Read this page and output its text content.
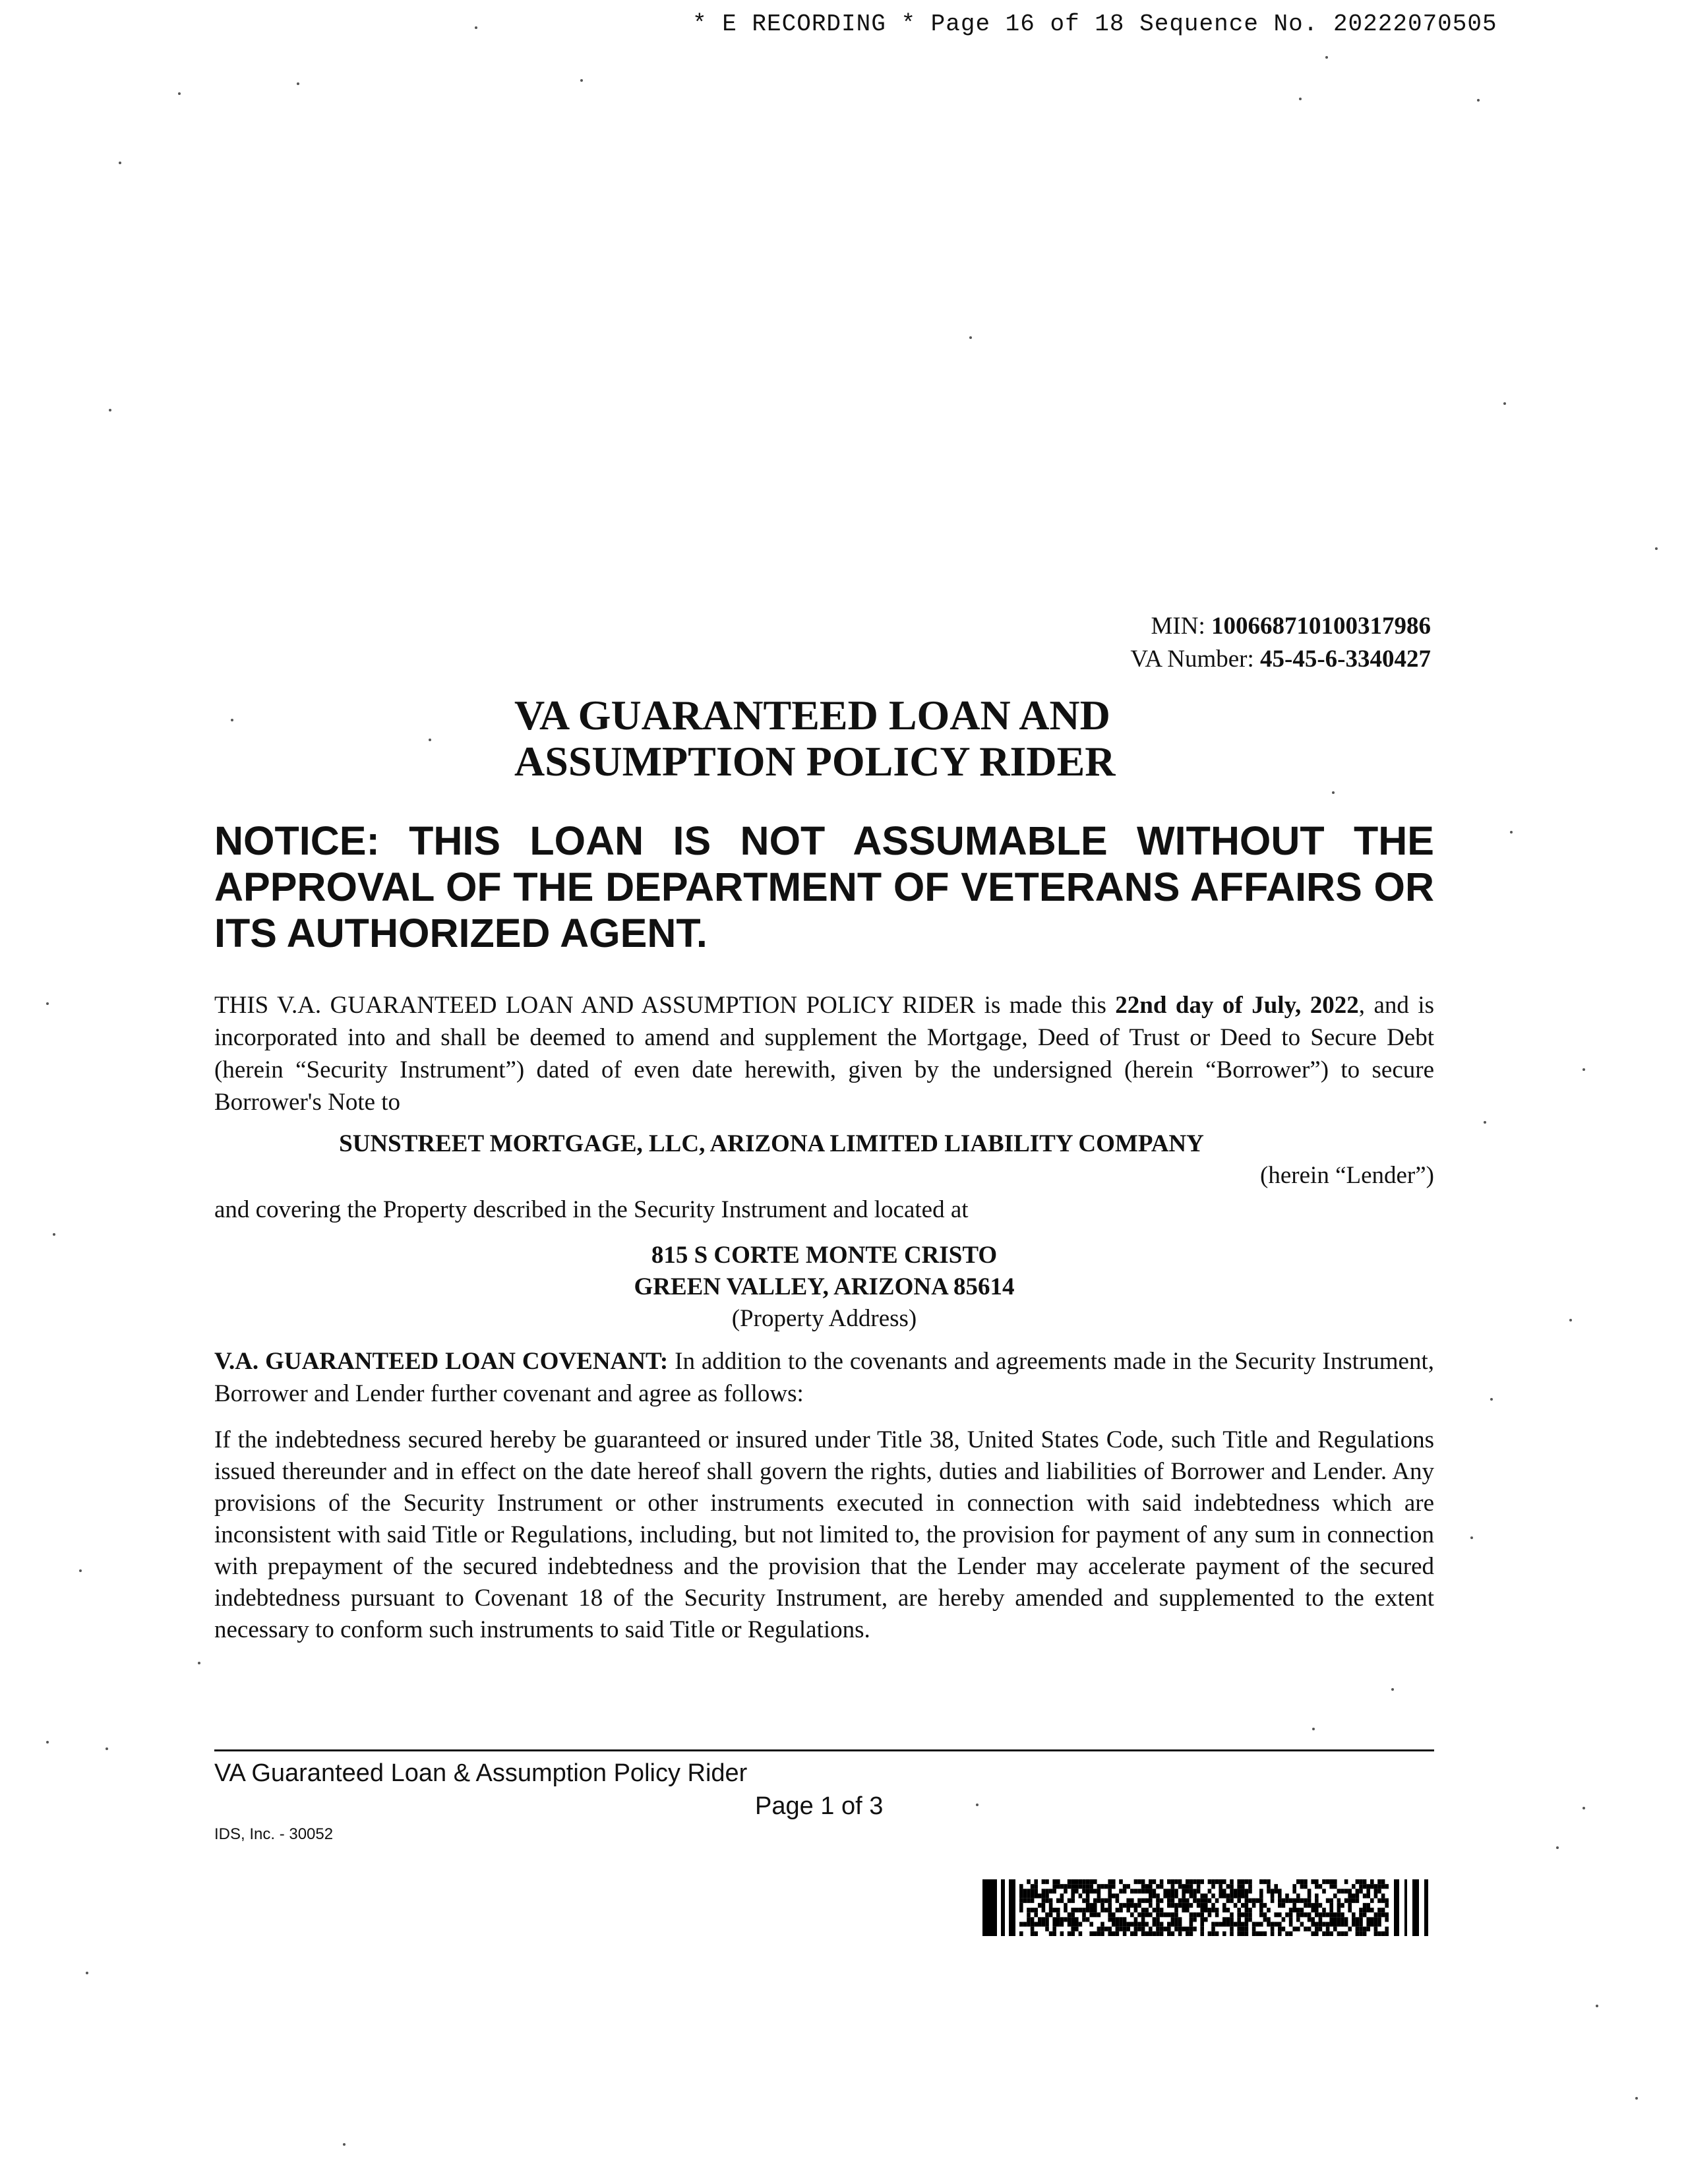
* E RECORDING * Page 16 of 18 Sequence No. 20222070505
MIN: 100668710100317986
VA Number: 45-45-6-3340427
VA GUARANTEED LOAN AND
ASSUMPTION POLICY RIDER
NOTICE: THIS LOAN IS NOT ASSUMABLE WITHOUT THE APPROVAL OF THE DEPARTMENT OF VETERANS AFFAIRS OR ITS AUTHORIZED AGENT.
THIS V.A. GUARANTEED LOAN AND ASSUMPTION POLICY RIDER is made this 22nd day of July, 2022, and is incorporated into and shall be deemed to amend and supplement the Mortgage, Deed of Trust or Deed to Secure Debt (herein “Security Instrument”) dated of even date herewith, given by the undersigned (herein “Borrower”) to secure Borrower's Note to
SUNSTREET MORTGAGE, LLC, ARIZONA LIMITED LIABILITY COMPANY
(herein “Lender”)
and covering the Property described in the Security Instrument and located at
815 S CORTE MONTE CRISTO
GREEN VALLEY, ARIZONA 85614
(Property Address)
V.A. GUARANTEED LOAN COVENANT: In addition to the covenants and agreements made in the Security Instrument, Borrower and Lender further covenant and agree as follows:
If the indebtedness secured hereby be guaranteed or insured under Title 38, United States Code, such Title and Regulations issued thereunder and in effect on the date hereof shall govern the rights, duties and liabilities of Borrower and Lender. Any provisions of the Security Instrument or other instruments executed in connection with said indebtedness which are inconsistent with said Title or Regulations, including, but not limited to, the provision for payment of any sum in connection with prepayment of the secured indebtedness and the provision that the Lender may accelerate payment of the secured indebtedness pursuant to Covenant 18 of the Security Instrument, are hereby amended and supplemented to the extent necessary to conform such instruments to said Title or Regulations.
VA Guaranteed Loan & Assumption Policy Rider
Page 1 of 3
IDS, Inc. - 30052
